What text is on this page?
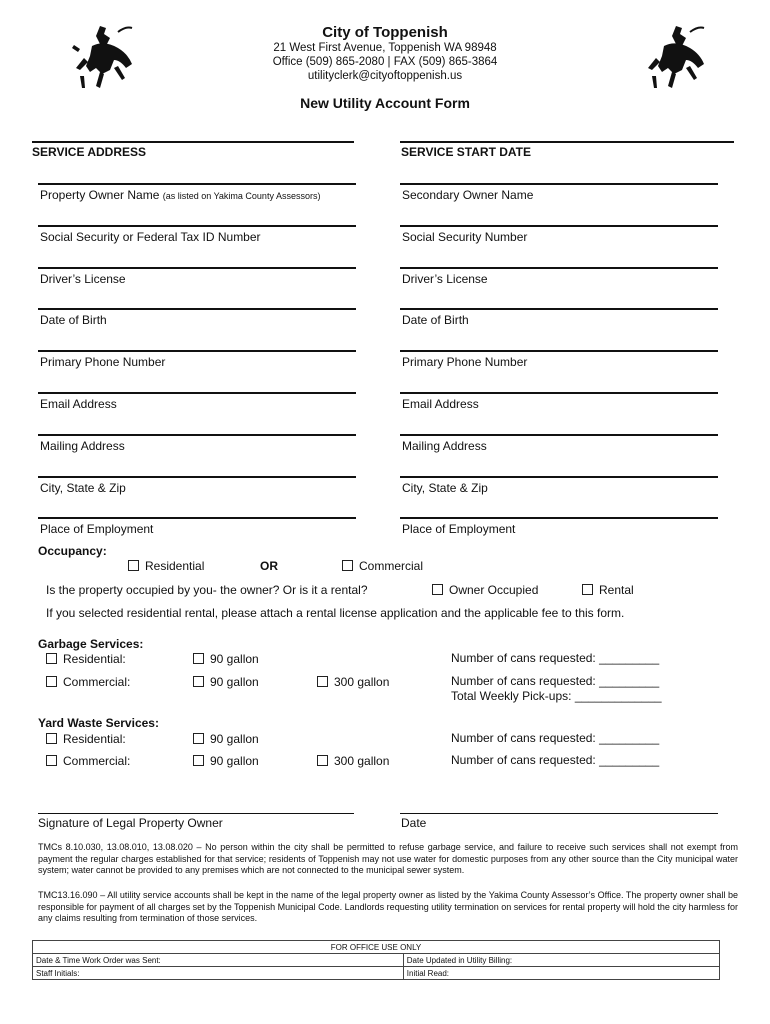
City of Toppenish
21 West First Avenue, Toppenish WA 98948
Office (509) 865-2080 | FAX (509) 865-3864
utilityclerk@cityoftoppenish.us
New Utility Account Form
SERVICE ADDRESS	SERVICE START DATE
Property Owner Name (as listed on Yakima County Assessors)
Social Security or Federal Tax ID Number
Driver’s License
Date of Birth
Primary Phone Number
Email Address
Mailing Address
City, State & Zip
Place of Employment
Secondary Owner Name
Social Security Number
Driver’s License
Date of Birth
Primary Phone Number
Email Address
Mailing Address
City, State & Zip
Place of Employment
Occupancy:
Residential	OR	Commercial
Is the property occupied by you- the owner? Or is it a rental?	Owner Occupied	Rental
If you selected residential rental, please attach a rental license application and the applicable fee to this form.
Garbage Services:
Residential:	90 gallon	Number of cans requested: _________
Commercial:	90 gallon	300 gallon	Number of cans requested: _________
Total Weekly Pick-ups: _____________
Yard Waste Services:
Residential:	90 gallon	Number of cans requested: _________
Commercial:	90 gallon	300 gallon	Number of cans requested: _________
Signature of Legal Property Owner	Date
TMCs 8.10.030, 13.08.010, 13.08.020 – No person within the city shall be permitted to refuse garbage service, and failure to receive such services shall not exempt from payment the regular charges established for that service; residents of Toppenish may not use water for domestic purposes from any other source than the City municipal water system; water cannot be provided to any premises which are not connected to the municipal sewer system.
TMC13.16.090 – All utility service accounts shall be kept in the name of the legal property owner as listed by the Yakima County Assessor’s Office. The property owner shall be responsible for payment of all charges set by the Toppenish Municipal Code. Landlords requesting utility termination on services for rental property will hold the city harmless for any claims resulting from termination of those services.
FOR OFFICE USE ONLY	
Date & Time Work Order was Sent:	Date Updated in Utility Billing:
Staff Initials:	Initial Read:
